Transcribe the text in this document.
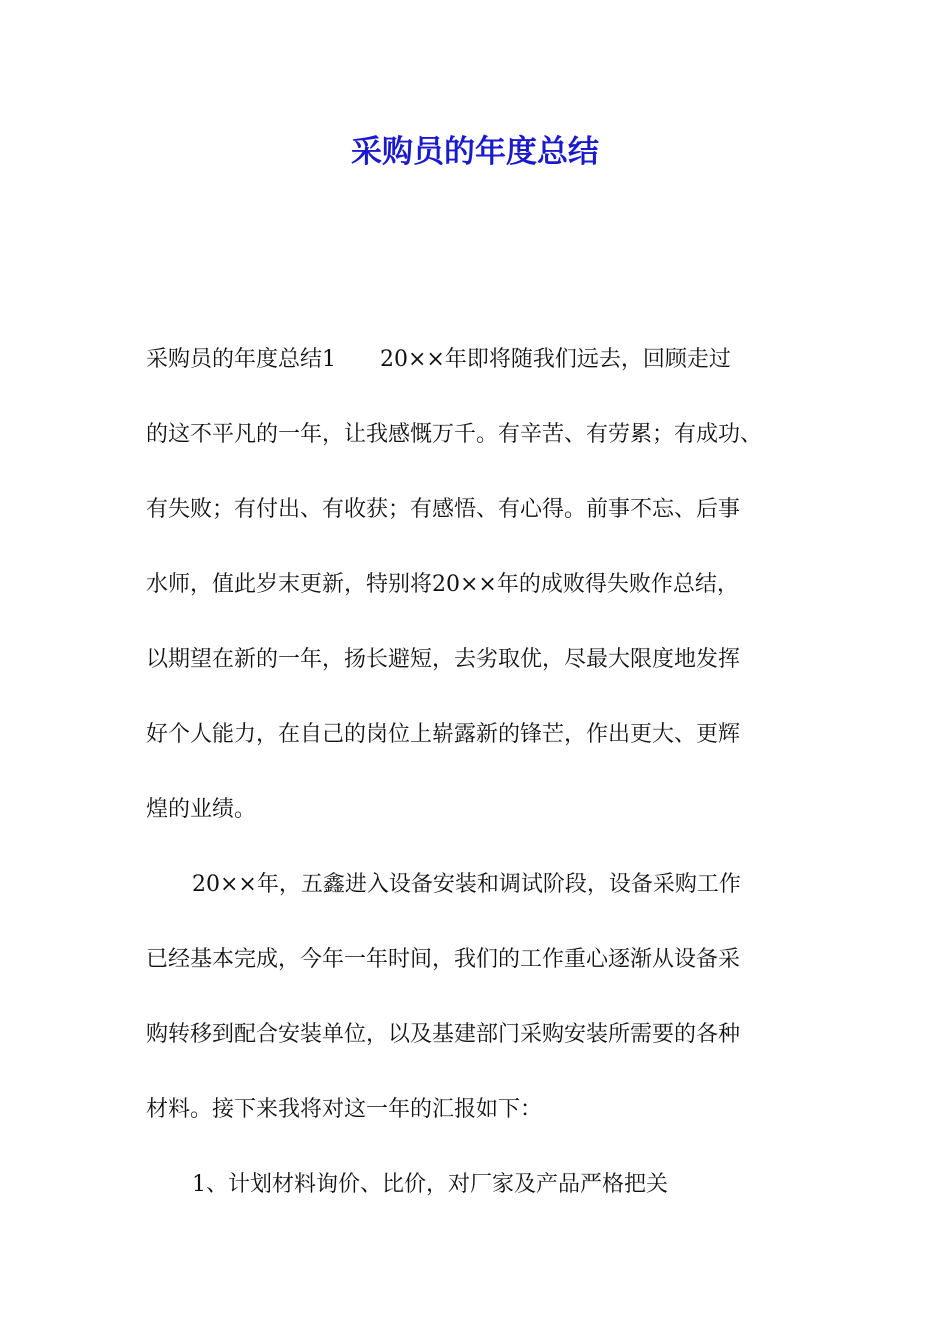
采购员的年度总结
采购员的年度总结1　　20××年即将随我们远去，回顾走过
的这不平凡的一年，让我感慨万千。有辛苦、有劳累；有成功、
有失败；有付出、有收获；有感悟、有心得。前事不忘、后事
水师，值此岁末更新，特别将20××年的成败得失败作总结，
以期望在新的一年，扬长避短，去劣取优，尽最大限度地发挥
好个人能力，在自己的岗位上崭露新的锋芒，作出更大、更辉
煌的业绩。
20××年，五鑫进入设备安装和调试阶段，设备采购工作
已经基本完成，今年一年时间，我们的工作重心逐渐从设备采
购转移到配合安装单位，以及基建部门采购安装所需要的各种
材料。接下来我将对这一年的汇报如下：
1、计划材料询价、比价，对厂家及产品严格把关
